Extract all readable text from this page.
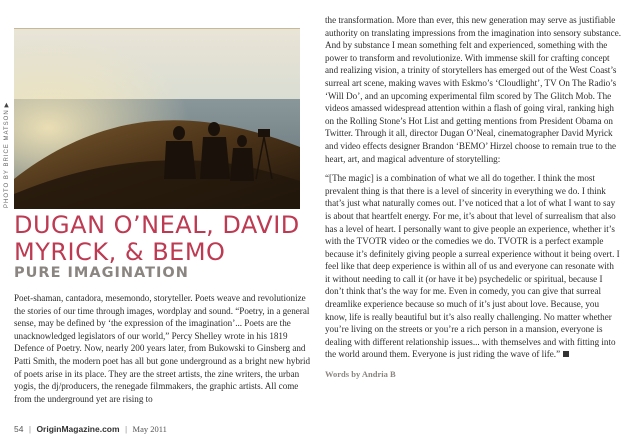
PHOTO BY BRICE MATSON▶
DUGAN O’NEAL, DAVID MYRICK, & BEMO
PURE IMAGINATION

Poet-shaman, cantadora, mesemondo, storyteller. Poets weave and revolutionize the stories of our time through images, wordplay and sound. “Poetry, in a general sense, may be defined by ‘the expression of the imagination’... Poets are the unacknowledged legislators of our world,” Percy Shelley wrote in his 1819 Defence of Poetry. Now, nearly 200 years later, from Bukowski to Ginsberg and Patti Smith, the modern poet has all but gone underground as a bright new hybrid of poets arise in its place. They are the street artists, the zine writers, the urban yogis, the dj/producers, the renegade filmmakers, the graphic artists. All come from the underground yet are rising to

the transformation. More than ever, this new generation may serve as justifiable authority on translating impressions from the imagination into sensory substance. And by substance I mean something felt and experienced, something with the power to transform and revolutionize. With immense skill for crafting concept and realizing vision, a trinity of storytellers has emerged out of the West Coast’s surreal art scene, making waves with Eskmo’s ‘Cloudlight’, TV On The Radio’s ‘Will Do’, and an upcoming experimental film scored by The Glitch Mob. The videos amassed widespread attention within a flash of going viral, ranking high on the Rolling Stone’s Hot List and getting mentions from President Obama on Twitter. Through it all, director Dugan O’Neal, cinematographer David Myrick and video effects designer Brandon ‘BEMO’ Hirzel choose to remain true to the heart, art, and magical adventure of storytelling:

“[The magic] is a combination of what we all do together. I think the most prevalent thing is that there is a level of sincerity in everything we do. I think that’s just what naturally comes out. I’ve noticed that a lot of what I want to say is about that heartfelt energy. For me, it’s about that level of surrealism that also has a level of heart. I personally want to give people an experience, whether it’s with the TVOTR video or the comedies we do. TVOTR is a perfect example because it’s definitely giving people a surreal experience without it being overt. I feel like that deep experience is within all of us and everyone can resonate with it without needing to call it (or have it be) psychedelic or spiritual, because I don’t think that’s the way for me. Even in comedy, you can give that surreal dreamlike experience because so much of it’s just about love. Because, you know, life is really beautiful but it’s also really challenging. No matter whether you’re living on the streets or you’re a rich person in a mansion, everyone is dealing with different relationship issues... with themselves and with fitting into the world around them. Everyone is just riding the wave of life.”

Words by Andria B
54 | OriginMagazine.com | May 2011
